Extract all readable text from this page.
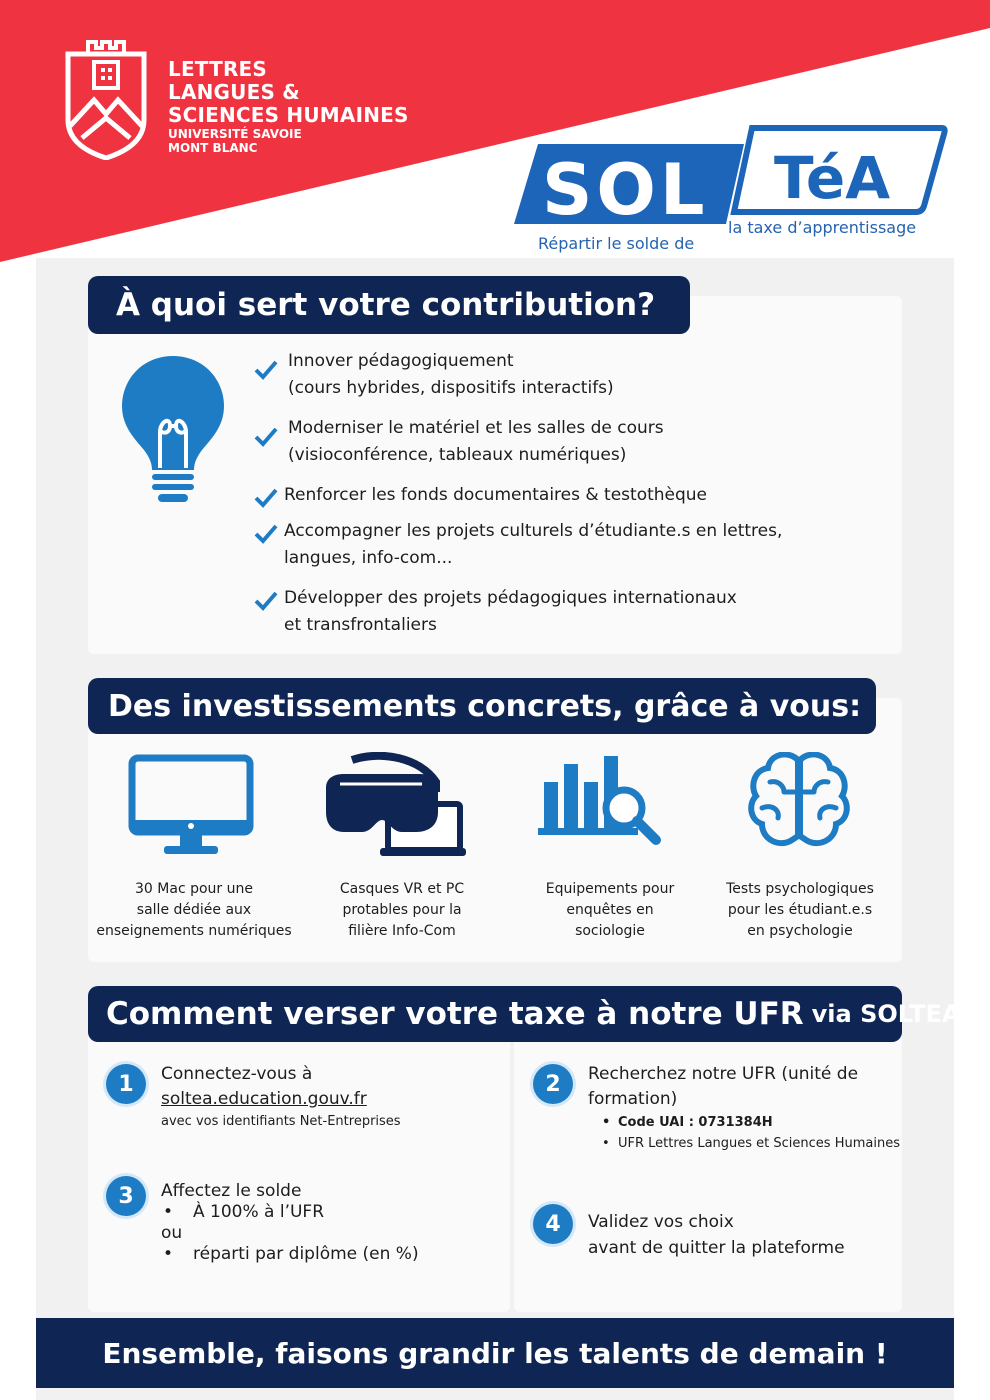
LETTRES
LANGUES &
SCIENCES HUMAINES
UNIVERSITÉ SAVOIE
MONT BLANC
SOL TéA
Répartir le solde de
la taxe d’apprentissage
À quoi sert votre contribution?
Innover pédagogiquement
(cours hybrides, dispositifs interactifs)
Moderniser le matériel et les salles de cours
(visioconférence, tableaux numériques)
Renforcer les fonds documentaires & testothèque
Accompagner les projets culturels d’étudiante.s en lettres,
langues, info-com...
Développer des projets pédagogiques internationaux
et transfrontaliers
Des investissements concrets, grâce à vous:
30 Mac pour une
salle dédiée aux
enseignements numériques
Casques VR et PC
protables pour la
filière Info-Com
Equipements pour
enquêtes en
sociologie
Tests psychologiques
pour les étudiant.e.s
en psychologie
Comment verser votre taxe à notre UFR via SOLTEA?
1	Connectez-vous à
soltea.education.gouv.fr
avec vos identifiants Net-Entreprises
2	Recherchez notre UFR (unité de
formation)
• Code UAI : 0731384H
• UFR Lettres Langues et Sciences Humaines
3	Affectez le solde
• À 100% à l’UFR
ou
• réparti par diplôme (en %)
4	Validez vos choix
avant de quitter la plateforme
Ensemble, faisons grandir les talents de demain !
